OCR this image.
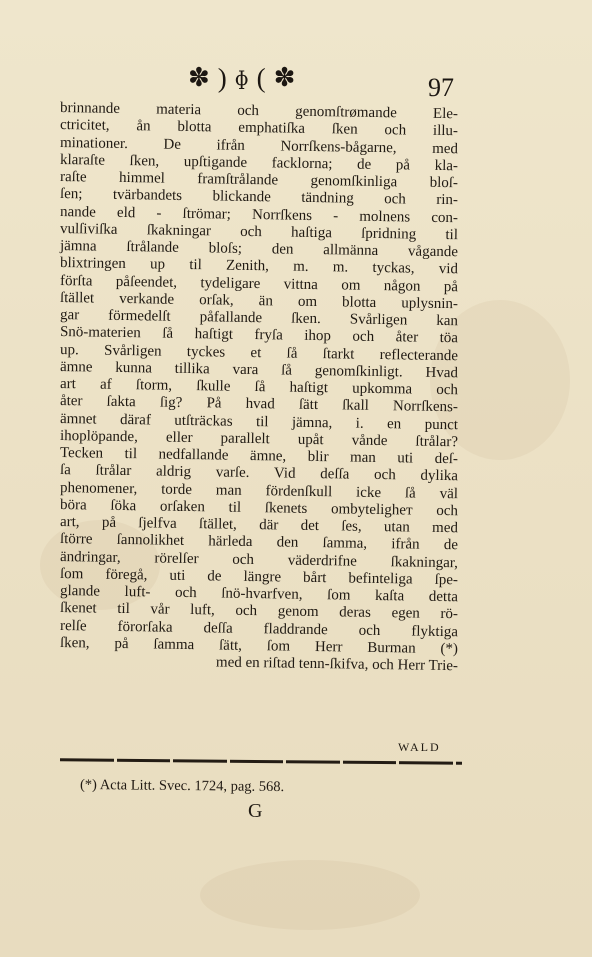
✽ ) ɸ ( ✽	97
brinnande materia och genomſtrømande Ele-
ctricitet, ån blotta emphatiſka ſken och illu-
minationer. De ifrån Norrſkens-bågarne, med
klaraſte ſken, upſtigande facklorna; de på kla-
raſte himmel framſtrålande genomſkinliga bloſ-
ſen; tvärbandets blickande tändning och rin-
nande eld - ſtrömar; Norrſkens - molnens con-
vulſiviſka ſkakningar och haſtiga ſpridning til
jämna ſtrålande bloſs; den allmänna vågande
blixtringen up til Zenith, m. m. tyckas, vid
förſta påſeendet, tydeligare vittna om någon på
ſtället verkande orſak, än om blotta uplysnin-
gar förmedelſt påfallande ſken. Svårligen kan
Snö-materien ſå haſtigt fryſa ihop och åter töa
up. Svårligen tyckes et ſå ſtarkt reflecterande
ämne kunna tillika vara ſå genomſkinligt. Hvad
art af ſtorm, ſkulle ſå haſtigt upkomma och
åter ſakta ſig? På hvad ſätt ſkall Norrſkens-
ämnet däraf utſträckas til jämna, i. en punct
ihoplöpande, eller parallelt upåt vånde ſtrålar?
Tecken til nedfallande ämne, blir man uti deſ-
ſa ſtrålar aldrig varſe. Vid deſſa och dylika
phenomener, torde man fördenſkull icke ſå väl
böra ſöka orſaken til ſkenets ombyteligheт och
art, på ſjelfva ſtället, där det ſes, utan med
ſtörre ſannolikhet härleda den ſamma, ifrån de
ändringar, rörelſer och väderdrifne ſkakningar,
ſom föregå, uti de längre bårt befinteliga ſpe-
glande luft- och ſnö-hvarfven, ſom kaſta detta
ſkenet til vår luft, och genom deras egen rö-
relſe förorſaka deſſa fladdrande och flyktiga
ſken, på ſamma ſätt, ſom Herr Burman (*)
med en riſtad tenn-ſkifva, och Herr Trie-
WALD
(*) Acta Litt. Svec. 1724, pag. 568.
G
